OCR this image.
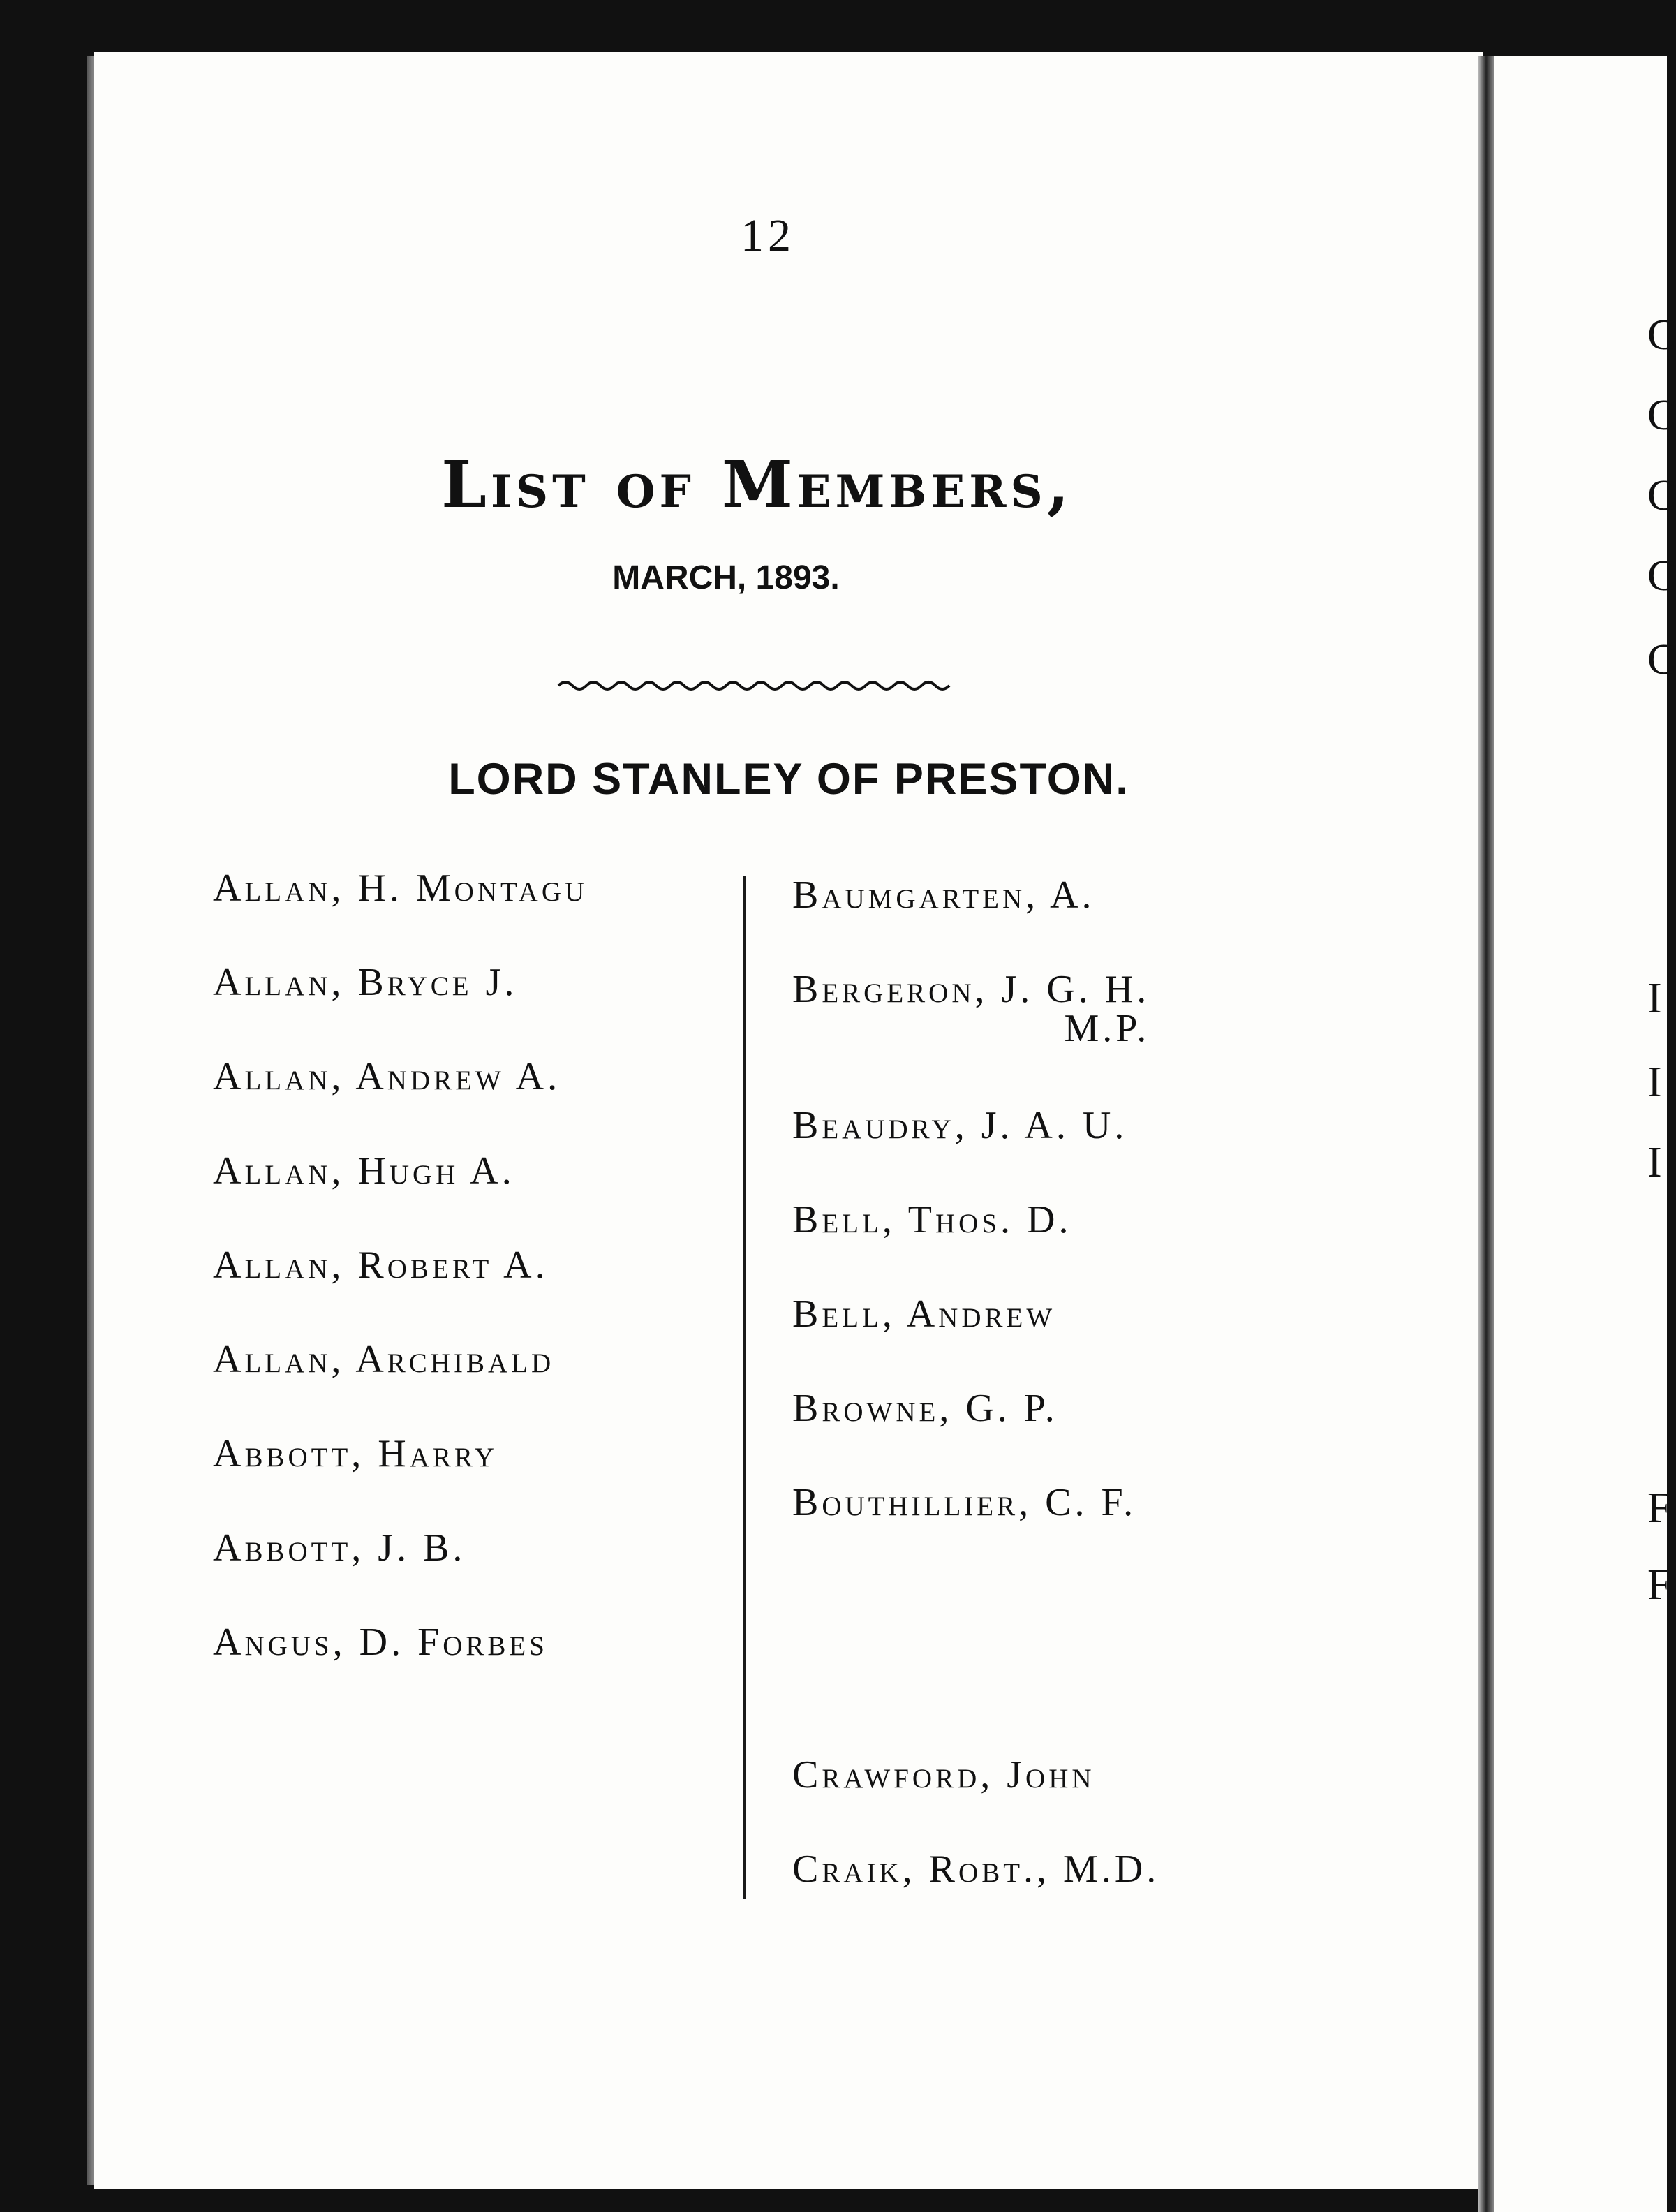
12
List of Members,
MARCH, 1893.
LORD STANLEY OF PRESTON.
Allan, H. Montagu
Allan, Bryce J.
Allan, Andrew A.
Allan, Hugh A.
Allan, Robert A.
Allan, Archibald
Abbott, Harry
Abbott, J. B.
Angus, D. Forbes
Baumgarten, A.
Bergeron, J. G. H.
M.P.
Beaudry, J. A. U.
Bell, Thos. D.
Bell, Andrew
Browne, G. P.
Bouthillier, C. F.
Crawford, John
Craik, Robt., M.D.
C
C
C
C
C
I
I
I
F
F
